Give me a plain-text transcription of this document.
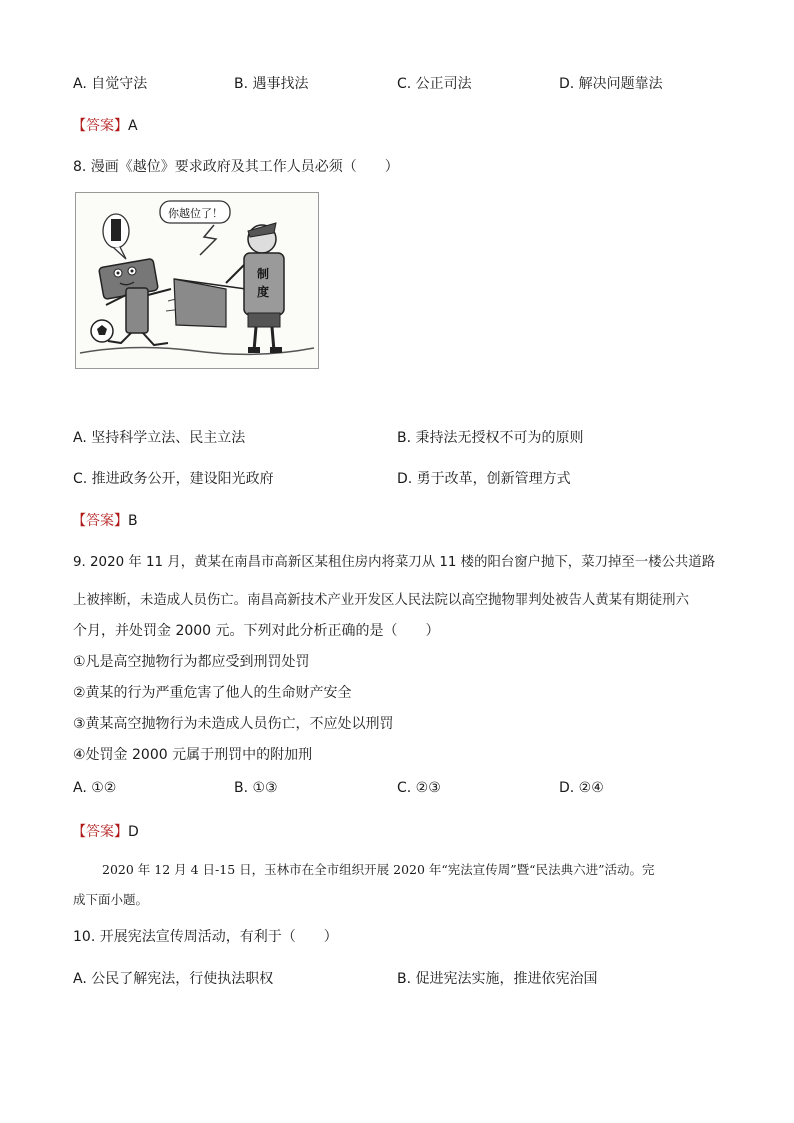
A. 自觉守法	B. 遇事找法	C. 公正司法	D. 解决问题靠法
【答案】A
8. 漫画《越位》要求政府及其工作人员必须（　　）
你越位了！
制
度
A. 坚持科学立法、民主立法	B. 秉持法无授权不可为的原则
C. 推进政务公开，建设阳光政府	D. 勇于改革，创新管理方式
【答案】B
9. 2020 年 11 月，黄某在南昌市高新区某租住房内将菜刀从 11 楼的阳台窗户抛下，菜刀掉至一楼公共道路
上被摔断，未造成人员伤亡。南昌高新技术产业开发区人民法院以高空抛物罪判处被告人黄某有期徒刑六
个月，并处罚金 2000 元。下列对此分析正确的是（　　）
①凡是高空抛物行为都应受到刑罚处罚
②黄某的行为严重危害了他人的生命财产安全
③黄某高空抛物行为未造成人员伤亡，不应处以刑罚
④处罚金 2000 元属于刑罚中的附加刑
A. ①②	B. ①③	C. ②③	D. ②④
【答案】D
2020 年 12 月 4 日-15 日，玉林市在全市组织开展 2020 年“宪法宣传周”暨“民法典六进”活动。完
成下面小题。
10. 开展宪法宣传周活动，有利于（　　）
A. 公民了解宪法，行使执法职权	B. 促进宪法实施，推进依宪治国
